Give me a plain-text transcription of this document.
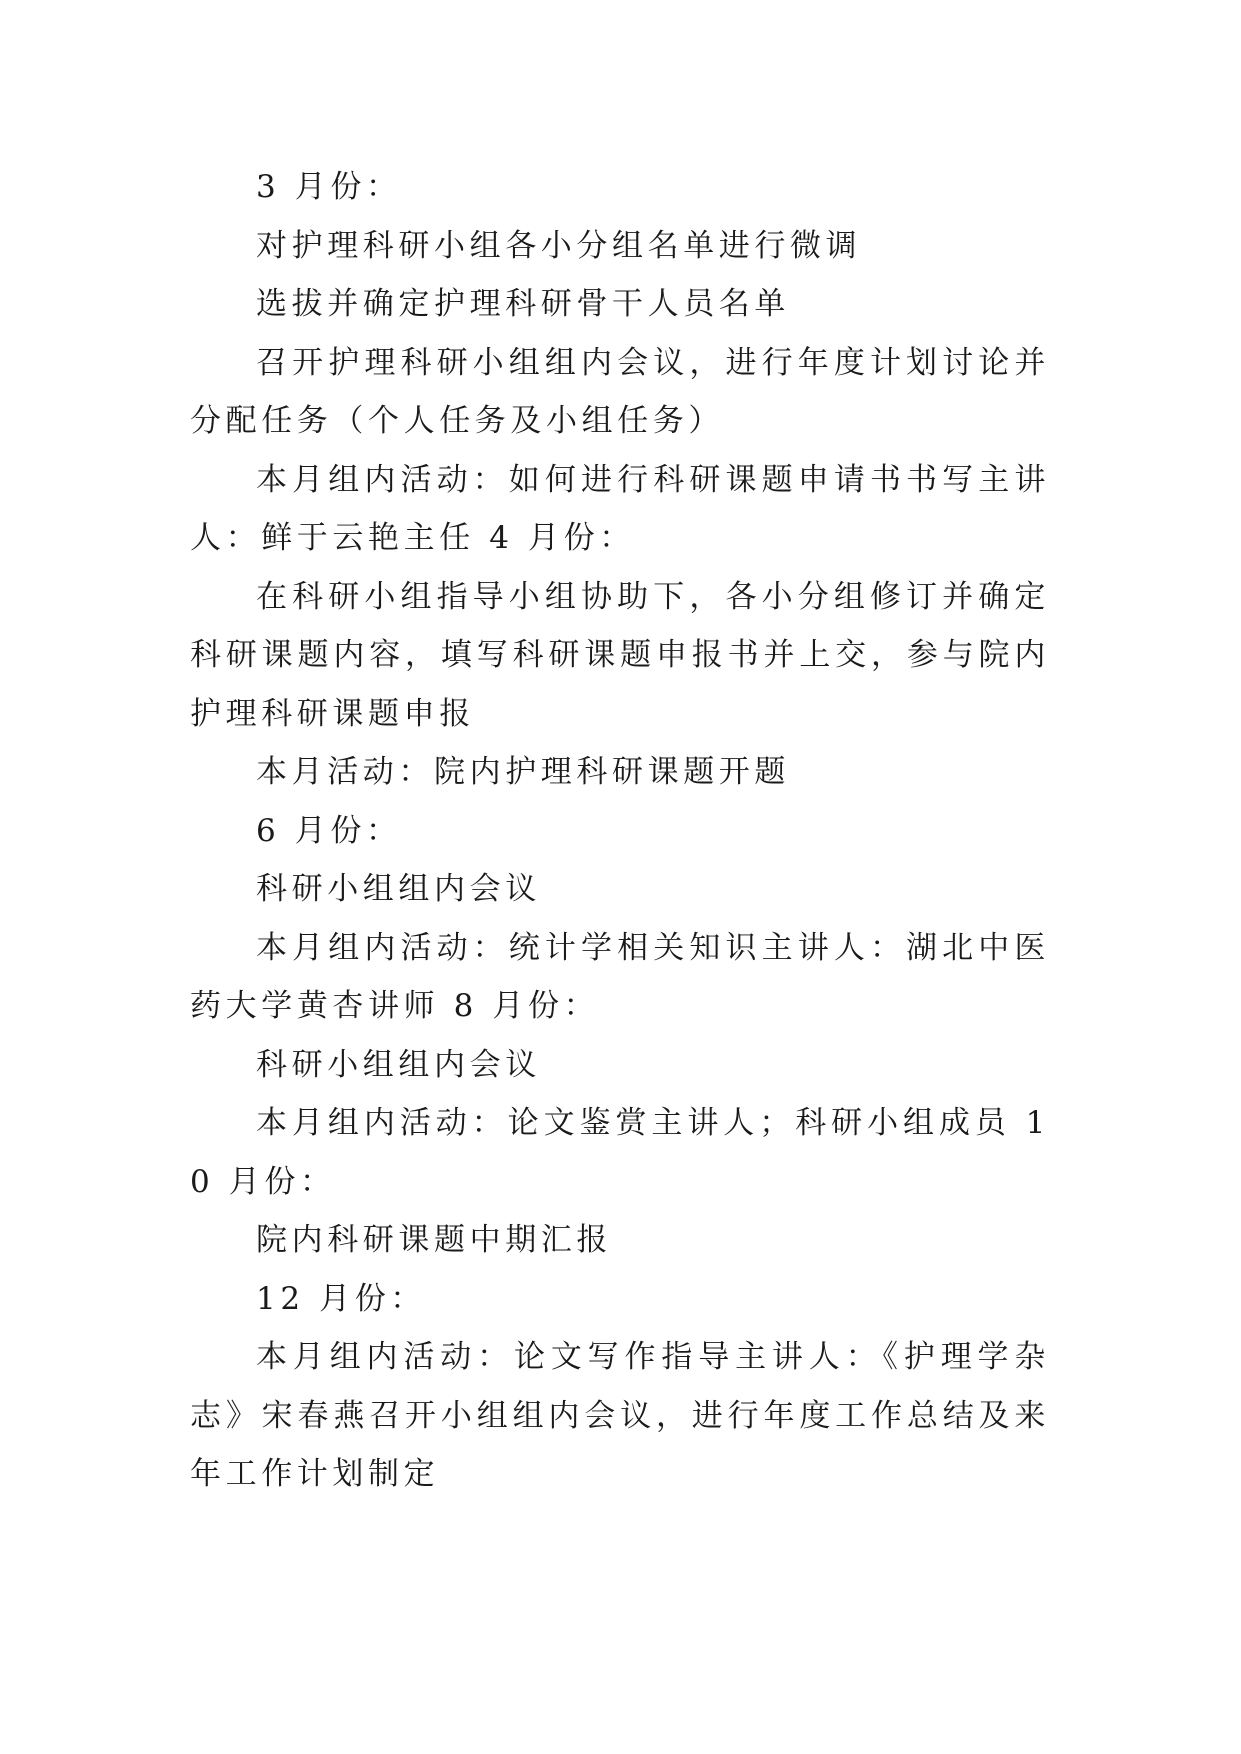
3 月份：

对护理科研小组各小分组名单进行微调

选拔并确定护理科研骨干人员名单

召开护理科研小组组内会议，进行年度计划讨论并分配任务（个人任务及小组任务）

本月组内活动：如何进行科研课题申请书书写主讲人：鲜于云艳主任 4 月份：

在科研小组指导小组协助下，各小分组修订并确定科研课题内容，填写科研课题申报书并上交，参与院内护理科研课题申报

本月活动：院内护理科研课题开题

6 月份：

科研小组组内会议

本月组内活动：统计学相关知识主讲人：湖北中医药大学黄杏讲师 8 月份：

科研小组组内会议

本月组内活动：论文鉴赏主讲人；科研小组成员 10 月份：

院内科研课题中期汇报

12 月份：

本月组内活动：论文写作指导主讲人：《护理学杂志》宋春燕召开小组组内会议，进行年度工作总结及来年工作计划制定
